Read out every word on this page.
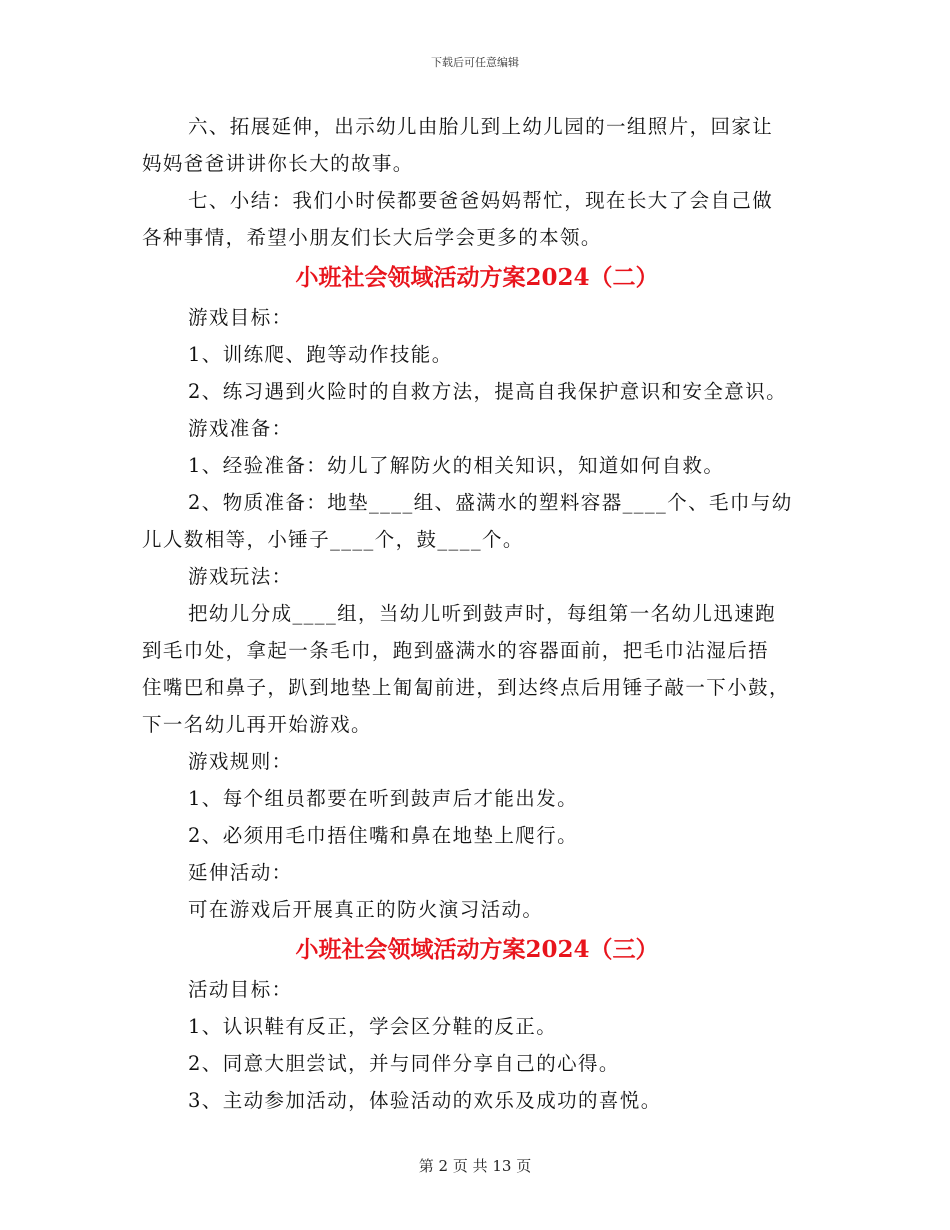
下载后可任意编辑
六、拓展延伸，出示幼儿由胎儿到上幼儿园的一组照片，回家让
妈妈爸爸讲讲你长大的故事。
七、小结：我们小时侯都要爸爸妈妈帮忙，现在长大了会自己做
各种事情，希望小朋友们长大后学会更多的本领。
小班社会领域活动方案2024（二）
游戏目标：
1、训练爬、跑等动作技能。
2、练习遇到火险时的自救方法，提高自我保护意识和安全意识。
游戏准备：
1、经验准备：幼儿了解防火的相关知识，知道如何自救。
2、物质准备：地垫____组、盛满水的塑料容器____个、毛巾与幼
儿人数相等，小锤子____个，鼓____个。
游戏玩法：
把幼儿分成____组，当幼儿听到鼓声时，每组第一名幼儿迅速跑
到毛巾处，拿起一条毛巾，跑到盛满水的容器面前，把毛巾沾湿后捂
住嘴巴和鼻子，趴到地垫上匍匐前进，到达终点后用锤子敲一下小鼓，
下一名幼儿再开始游戏。
游戏规则：
1、每个组员都要在听到鼓声后才能出发。
2、必须用毛巾捂住嘴和鼻在地垫上爬行。
延伸活动：
可在游戏后开展真正的防火演习活动。
小班社会领域活动方案2024（三）
活动目标：
1、认识鞋有反正，学会区分鞋的反正。
2、同意大胆尝试，并与同伴分享自己的心得。
3、主动参加活动，体验活动的欢乐及成功的喜悦。
第 2 页 共 13 页
